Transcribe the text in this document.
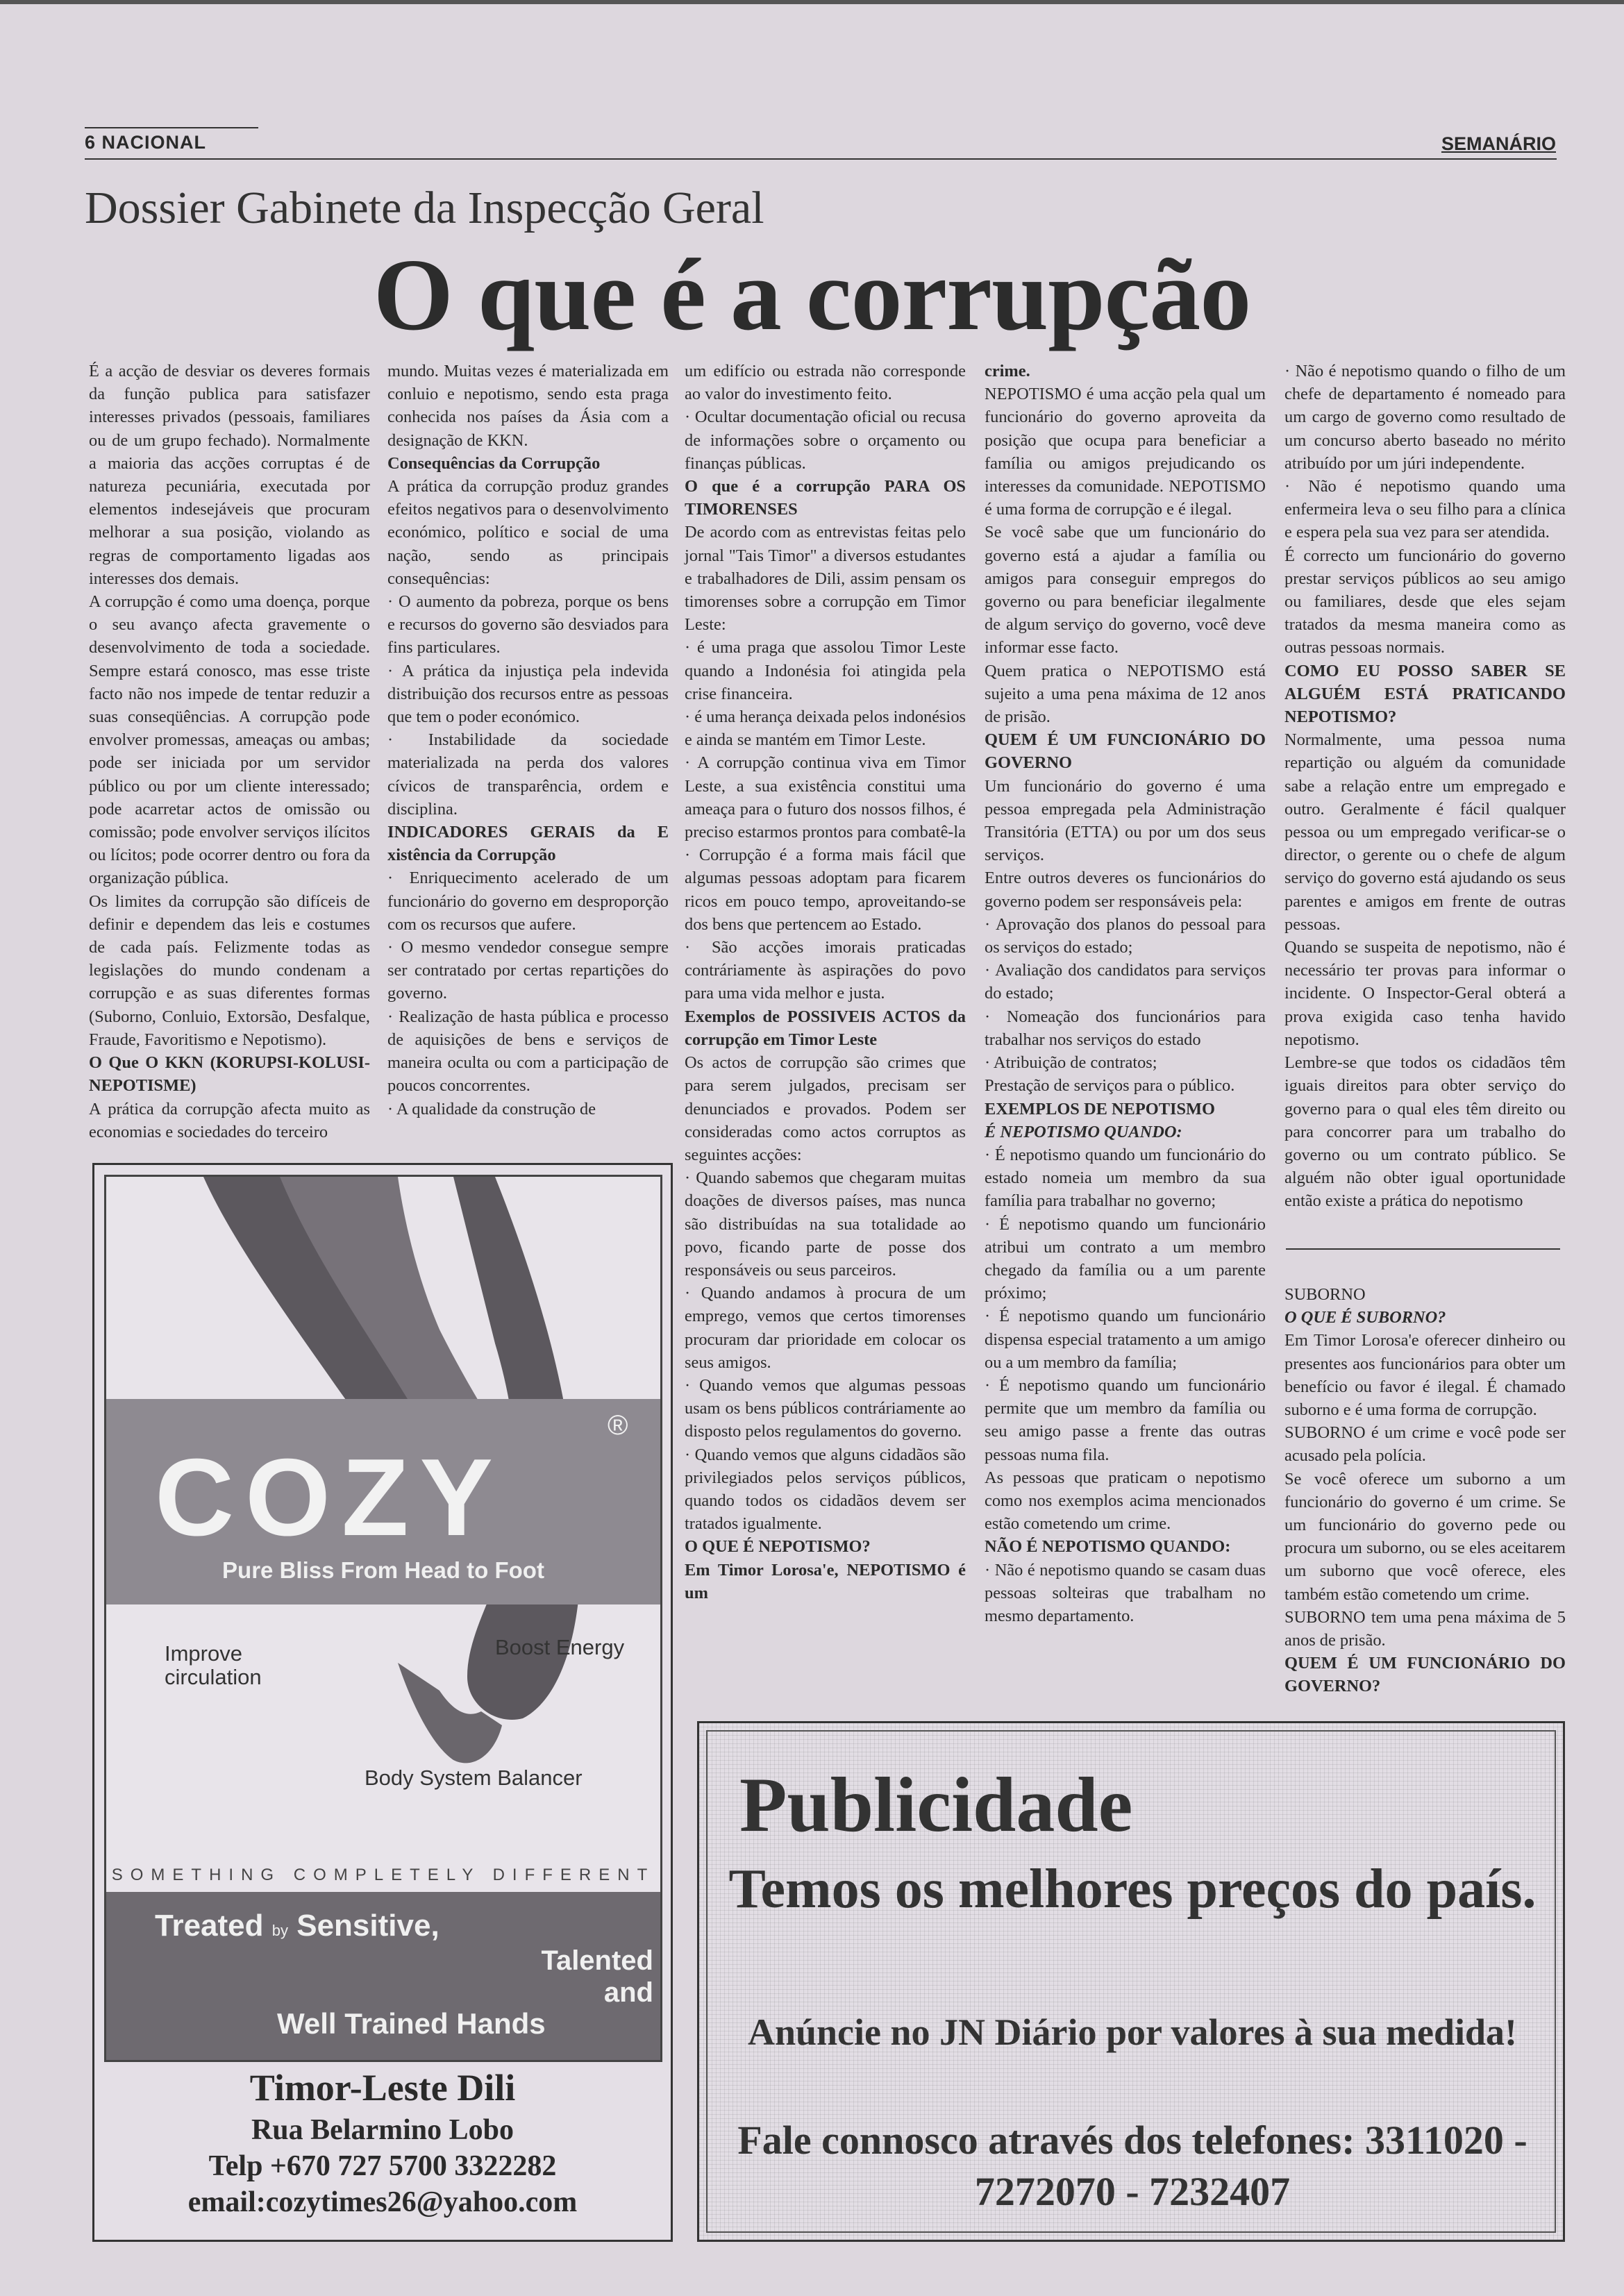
6 NACIONAL	SEMANÁRIO
Dossier Gabinete da Inspecção Geral
O que é a corrupção

É a acção de desviar os deveres formais da função publica para satisfazer interesses privados (pessoais, familiares ou de um grupo fechado). Normalmente a maioria das acções corruptas é de natureza pecuniária, executada por elementos indesejáveis que procuram melhorar a sua posição, violando as regras de comportamento ligadas aos interesses dos demais.

A corrupção é como uma doença, porque o seu avanço afecta gravemente o desenvolvimento de toda a sociedade. Sempre estará conosco, mas esse triste facto não nos impede de tentar reduzir a suas conseqüências. A corrupção pode envolver promessas, ameaças ou ambas; pode ser iniciada por um servidor público ou por um cliente interessado; pode acarretar actos de omissão ou comissão; pode envolver serviços ilícitos ou lícitos; pode ocorrer dentro ou fora da organização pública.

Os limites da corrupção são difíceis de definir e dependem das leis e costumes de cada país. Felizmente todas as legislações do mundo condenam a corrupção e as suas diferentes formas (Suborno, Conluio, Extorsão, Desfalque, Fraude, Favoritismo e Nepotismo).

O Que O KKN (KORUPSI-KOLUSI-NEPOTISME)

A prática da corrupção afecta muito as economias e sociedades do terceiro

mundo. Muitas vezes é materializada em conluio e nepotismo, sendo esta praga conhecida nos países da Ásia com a designação de KKN.

Consequências da Corrupção

A prática da corrupção produz grandes efeitos negativos para o desenvolvimento económico, político e social de uma nação, sendo as principais consequências:

· O aumento da pobreza, porque os bens e recursos do governo são desviados para fins particulares.

· A prática da injustiça pela indevida distribuição dos recursos entre as pessoas que tem o poder económico.

· Instabilidade da sociedade materializada na perda dos valores cívicos de transparência, ordem e disciplina.

INDICADORES GERAIS da E xistência da Corrupção

· Enriquecimento acelerado de um funcionário do governo em desproporção com os recursos que aufere.

· O mesmo vendedor consegue sempre ser contratado por certas repartições do governo.

· Realização de hasta pública e processo de aquisições de bens e serviços de maneira oculta ou com a participação de poucos concorrentes.

· A qualidade da construção de

um edifício ou estrada não corresponde ao valor do investimento feito.

· Ocultar documentação oficial ou recusa de informações sobre o orçamento ou finanças públicas.

O que é a corrupção PARA OS TIMORENSES

De acordo com as entrevistas feitas pelo jornal "Tais Timor" a diversos estudantes e trabalhadores de Dili, assim pensam os timorenses sobre a corrupção em Timor Leste:

· é uma praga que assolou Timor Leste quando a Indonésia foi atingida pela crise financeira.

· é uma herança deixada pelos indonésios e ainda se mantém em Timor Leste.

· A corrupção continua viva em Timor Leste, a sua existência constitui uma ameaça para o futuro dos nossos filhos, é preciso estarmos prontos para combatê-la

· Corrupção é a forma mais fácil que algumas pessoas adoptam para ficarem ricos em pouco tempo, aproveitando-se dos bens que pertencem ao Estado.

· São acções imorais praticadas contráriamente às aspirações do povo para uma vida melhor e justa.

Exemplos de POSSIVEIS ACTOS da corrupção em Timor Leste

Os actos de corrupção são crimes que para serem julgados, precisam ser denunciados e provados. Podem ser consideradas como actos corruptos as seguintes acções:

· Quando sabemos que chegaram muitas doações de diversos países, mas nunca são distribuídas na sua totalidade ao povo, ficando parte de posse dos responsáveis ou seus parceiros.

· Quando andamos à procura de um emprego, vemos que certos timorenses procuram dar prioridade em colocar os seus amigos.

· Quando vemos que algumas pessoas usam os bens públicos contráriamente ao disposto pelos regulamentos do governo.

· Quando vemos que alguns cidadãos são privilegiados pelos serviços públicos, quando todos os cidadãos devem ser tratados igualmente.

O QUE É NEPOTISMO?

Em Timor Lorosa'e, NEPOTISMO é um

crime.

NEPOTISMO é uma acção pela qual um funcionário do governo aproveita da posição que ocupa para beneficiar a família ou amigos prejudicando os interesses da comunidade. NEPOTISMO é uma forma de corrupção e é ilegal.

Se você sabe que um funcionário do governo está a ajudar a família ou amigos para conseguir empregos do governo ou para beneficiar ilegalmente de algum serviço do governo, você deve informar esse facto.

Quem pratica o NEPOTISMO está sujeito a uma pena máxima de 12 anos de prisão.

QUEM É UM FUNCIONÁRIO DO GOVERNO

Um funcionário do governo é uma pessoa empregada pela Administração Transitória (ETTA) ou por um dos seus serviços.

Entre outros deveres os funcionários do governo podem ser responsáveis pela:

· Aprovação dos planos do pessoal para os serviços do estado;

· Avaliação dos candidatos para serviços do estado;

· Nomeação dos funcionários para trabalhar nos serviços do estado

· Atribuição de contratos;

Prestação de serviços para o público.

EXEMPLOS DE NEPOTISMO

É NEPOTISMO QUANDO:

· É nepotismo quando um funcionário do estado nomeia um membro da sua família para trabalhar no governo;

· É nepotismo quando um funcionário atribui um contrato a um membro chegado da família ou a um parente próximo;

· É nepotismo quando um funcionário dispensa especial tratamento a um amigo ou a um membro da família;

· É nepotismo quando um funcionário permite que um membro da família ou seu amigo passe a frente das outras pessoas numa fila.

As pessoas que praticam o nepotismo como nos exemplos acima mencionados estão cometendo um crime.

NÃO É NEPOTISMO QUANDO:

· Não é nepotismo quando se casam duas pessoas solteiras que trabalham no mesmo departamento.

· Não é nepotismo quando o filho de um chefe de departamento é nomeado para um cargo de governo como resultado de um concurso aberto baseado no mérito atribuído por um júri independente.

· Não é nepotismo quando uma enfermeira leva o seu filho para a clínica e espera pela sua vez para ser atendida.

É correcto um funcionário do governo prestar serviços públicos ao seu amigo ou familiares, desde que eles sejam tratados da mesma maneira como as outras pessoas normais.

COMO EU POSSO SABER SE ALGUÉM ESTÁ PRATICANDO NEPOTISMO?

Normalmente, uma pessoa numa repartição ou alguém da comunidade sabe a relação entre um empregado e outro. Geralmente é fácil qualquer pessoa ou um empregado verificar-se o director, o gerente ou o chefe de algum serviço do governo está ajudando os seus parentes e amigos em frente de outras pessoas.

Quando se suspeita de nepotismo, não é necessário ter provas para informar o incidente. O Inspector-Geral obterá a prova exigida caso tenha havido nepotismo.

Lembre-se que todos os cidadãos têm iguais direitos para obter serviço do governo para o qual eles têm direito ou para concorrer para um trabalho do governo ou um contrato público. Se alguém não obter igual oportunidade então existe a prática do nepotismo

SUBORNO

O QUE É SUBORNO?

Em Timor Lorosa'e oferecer dinheiro ou presentes aos funcionários para obter um benefício ou favor é ilegal. É chamado suborno e é uma forma de corrupção.

SUBORNO é um crime e você pode ser acusado pela polícia.

Se você oferece um suborno a um funcionário do governo é um crime. Se um funcionário do governo pede ou procura um suborno, ou se eles aceitarem um suborno que você oferece, eles também estão cometendo um crime.

SUBORNO tem uma pena máxima de 5 anos de prisão.

QUEM É UM FUNCIONÁRIO DO GOVERNO?

COZY
®
Pure Bliss From Head to Foot
Improve circulation
Boost Energy
Body System Balancer
SOMETHING COMPLETELY DIFFERENT
Treated by Sensitive,
Talented
and
Well Trained Hands
Timor-Leste Dili
Rua Belarmino Lobo
Telp +670 727 5700 3322282
email:cozytimes26@yahoo.com
Publicidade
Temos os melhores preços do país.
Anúncie no JN Diário por valores à sua medida!
Fale connosco através dos telefones: 3311020 - 7272070 - 7232407
